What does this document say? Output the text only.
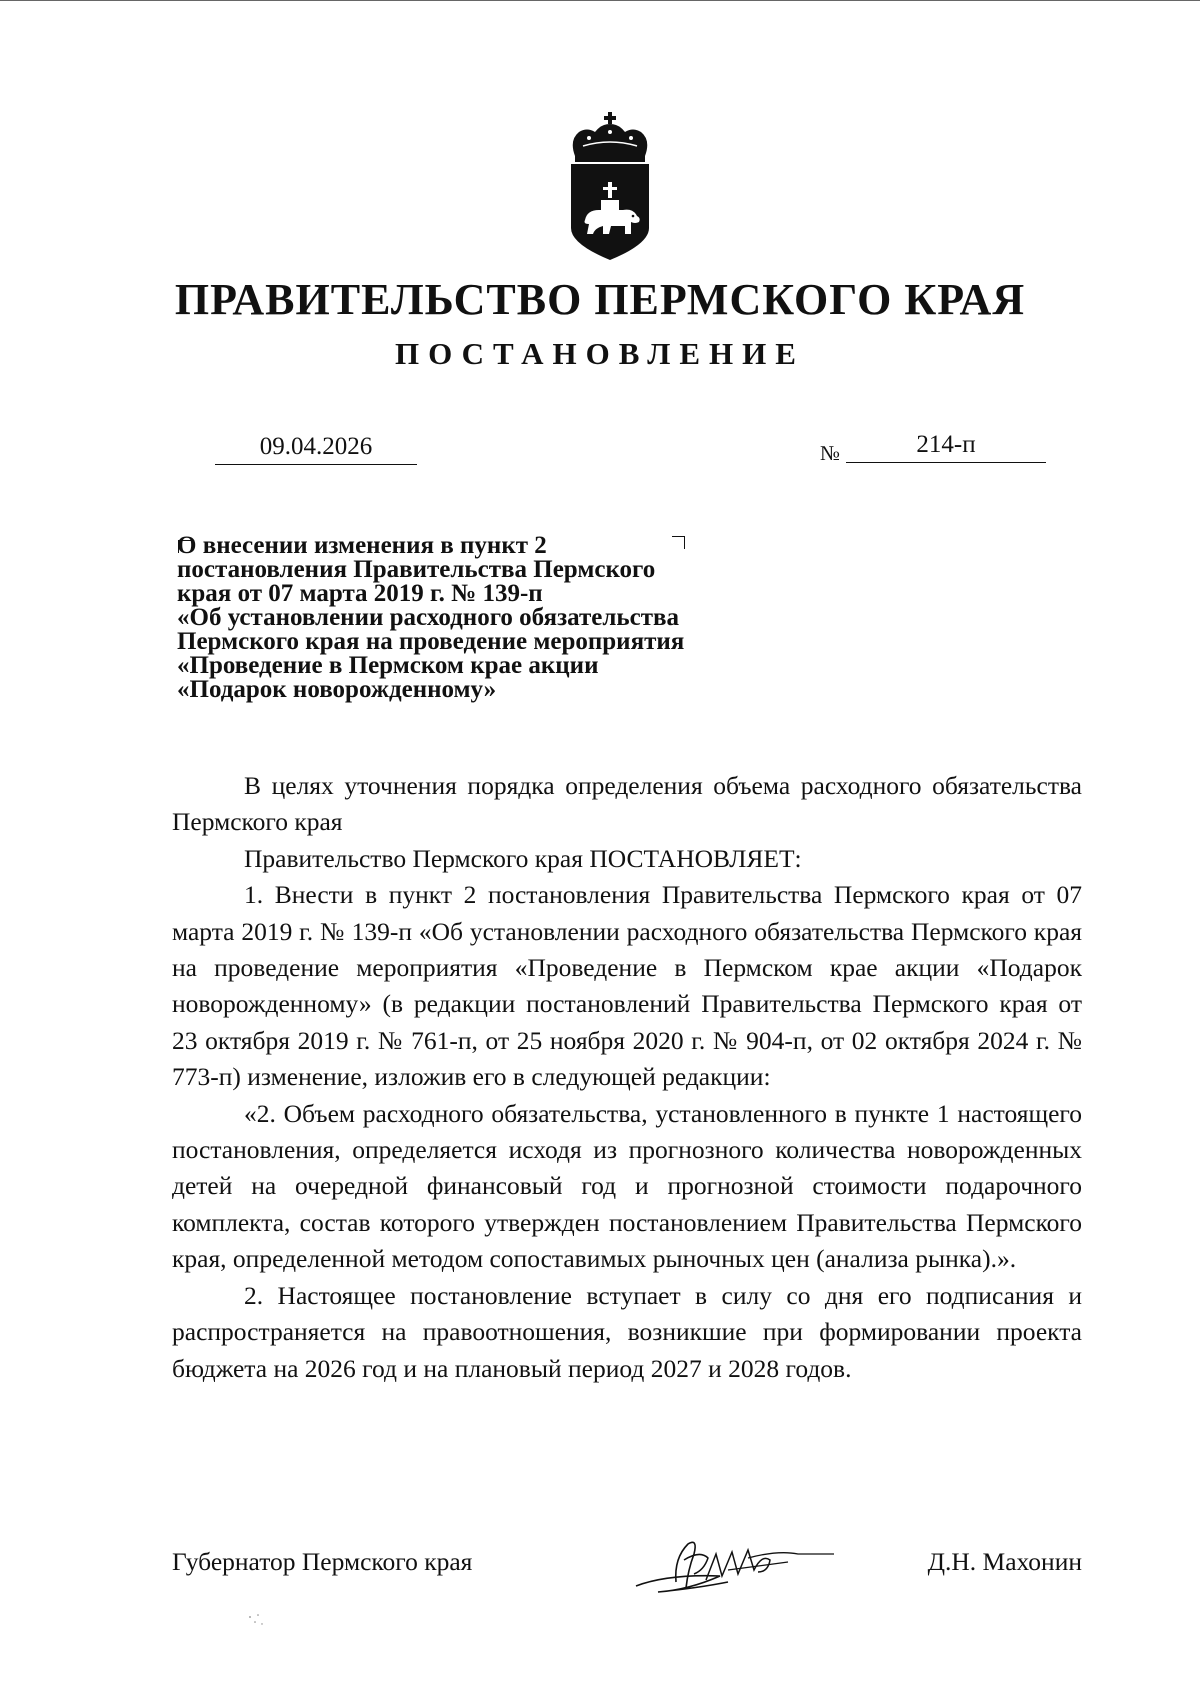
ПРАВИТЕЛЬСТВО ПЕРМСКОГО КРАЯ
ПОСТАНОВЛЕНИЕ
09.04.2026	№	214-п
О внесении изменения в пункт 2
постановления Правительства Пермского
края от 07 марта 2019 г. № 139-п
«Об установлении расходного обязательства
Пермского края на проведение мероприятия
«Проведение в Пермском крае акции
«Подарок новорожденному»

В целях уточнения порядка определения объема расходного обязательства Пермского края

Правительство Пермского края ПОСТАНОВЛЯЕТ:

1. Внести в пункт 2 постановления Правительства Пермского края от 07 марта 2019 г. № 139-п «Об установлении расходного обязательства Пермского края на проведение мероприятия «Проведение в Пермском крае акции «Подарок новорожденному» (в редакции постановлений Правительства Пермского края от 23 октября 2019 г. № 761-п, от 25 ноября 2020 г. № 904-п, от 02 октября 2024 г. № 773-п) изменение, изложив его в следующей редакции:

«2. Объем расходного обязательства, установленного в пункте 1 настоящего постановления, определяется исходя из прогнозного количества новорожденных детей на очередной финансовый год и прогнозной стоимости подарочного комплекта, состав которого утвержден постановлением Правительства Пермского края, определенной методом сопоставимых рыночных цен (анализа рынка).».

2. Настоящее постановление вступает в силу со дня его подписания и распространяется на правоотношения, возникшие при формировании проекта бюджета на 2026 год и на плановый период 2027 и 2028 годов.

Губернатор Пермского края	Д.Н. Махонин
